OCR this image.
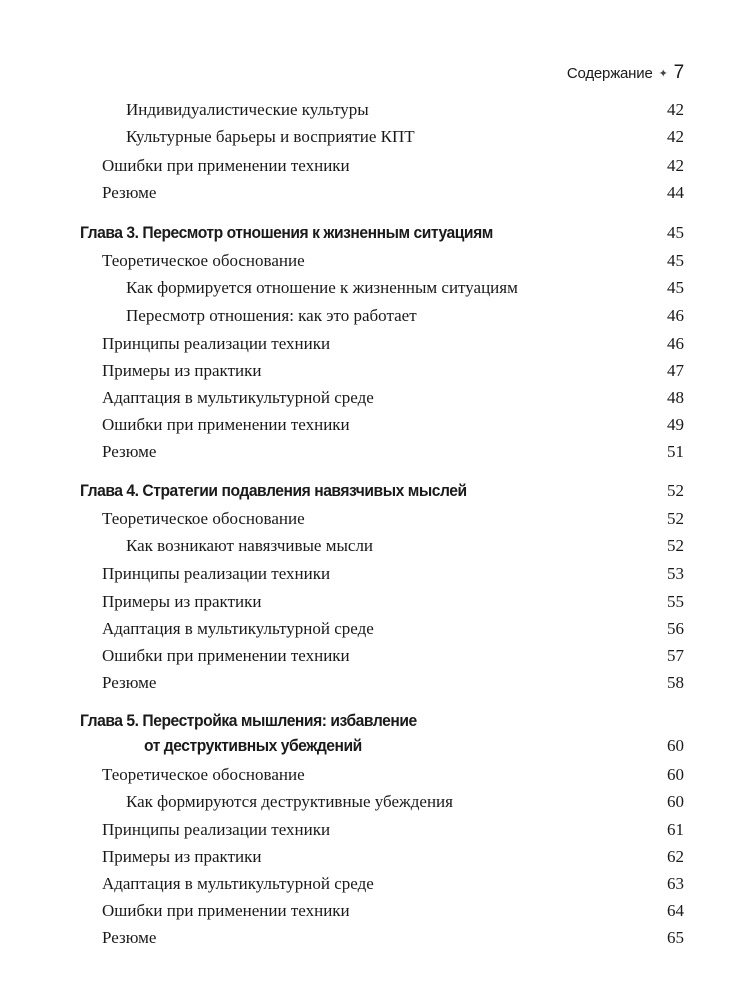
Содержание ✦ 7
Индивидуалистические культуры	42
Культурные барьеры и восприятие КПТ	42
Ошибки при применении техники	42
Резюме	44
Глава 3. Пересмотр отношения к жизненным ситуациям	45
Теоретическое обоснование	45
Как формируется отношение к жизненным ситуациям	45
Пересмотр отношения: как это работает	46
Принципы реализации техники	46
Примеры из практики	47
Адаптация в мультикультурной среде	48
Ошибки при применении техники	49
Резюме	51
Глава 4. Стратегии подавления навязчивых мыслей	52
Теоретическое обоснование	52
Как возникают навязчивые мысли	52
Принципы реализации техники	53
Примеры из практики	55
Адаптация в мультикультурной среде	56
Ошибки при применении техники	57
Резюме	58
Глава 5. Перестройка мышления: избавление
от деструктивных убеждений	60
Теоретическое обоснование	60
Как формируются деструктивные убеждения	60
Принципы реализации техники	61
Примеры из практики	62
Адаптация в мультикультурной среде	63
Ошибки при применении техники	64
Резюме	65
